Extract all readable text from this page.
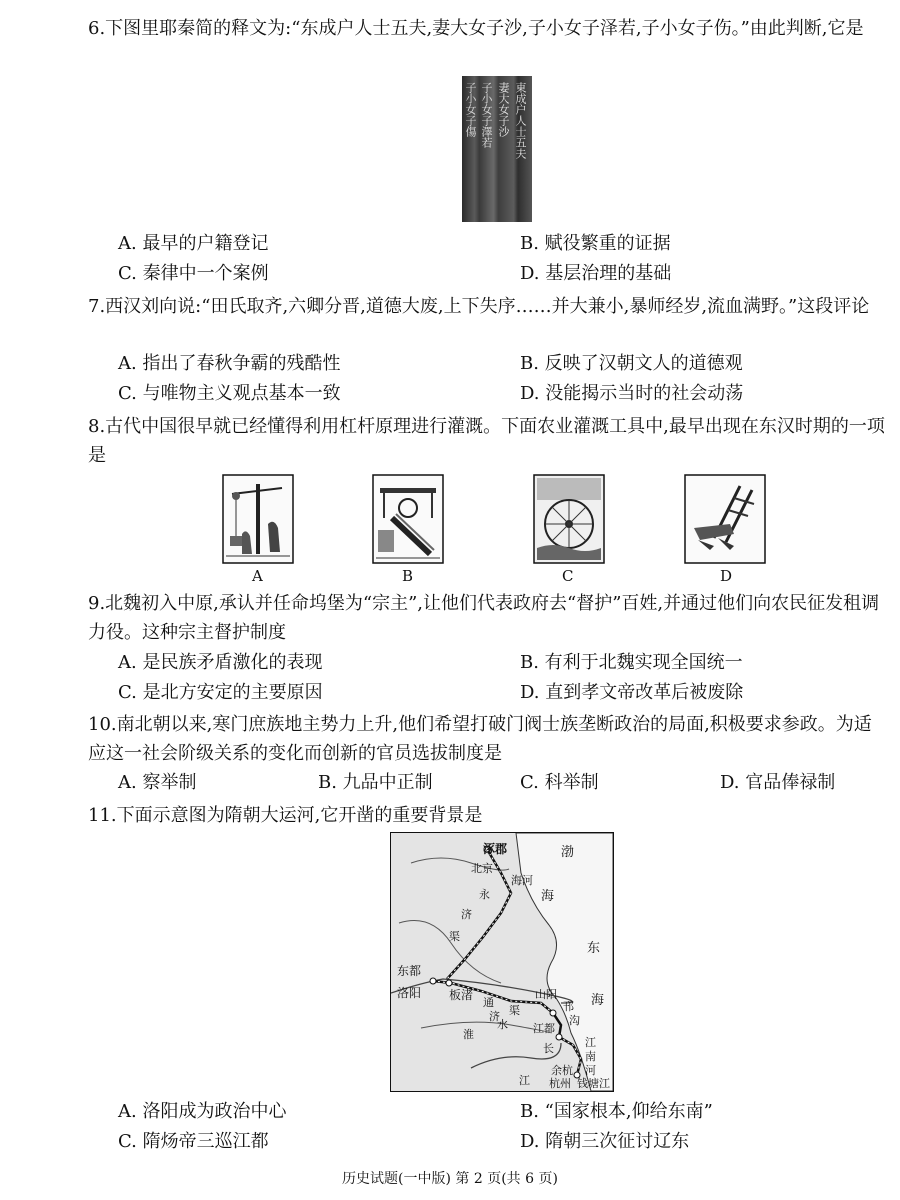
6.下图里耶秦简的释文为:“东成户人士五夫,妻大女子沙,子小女子泽若,子小女子伤。”由此判断,它是
子小女子傷 子小女子澤若 妻大女子沙 東成户人士五夫
A. 最早的户籍登记	B. 赋役繁重的证据
C. 秦律中一个案例	D. 基层治理的基础
7.西汉刘向说:“田氏取齐,六卿分晋,道德大废,上下失序……并大兼小,暴师经岁,流血满野。”这段评论
A. 指出了春秋争霸的残酷性	B. 反映了汉朝文人的道德观
C. 与唯物主义观点基本一致	D. 没能揭示当时的社会动荡
8.古代中国很早就已经懂得利用杠杆原理进行灌溉。下面农业灌溉工具中,最早出现在东汉时期的一项是
A	B	C	D
9.北魏初入中原,承认并任命坞堡为“宗主”,让他们代表政府去“督护”百姓,并通过他们向农民征发租调力役。这种宗主督护制度
A. 是民族矛盾激化的表现	B. 有利于北魏实现全国统一
C. 是北方安定的主要原因	D. 直到孝文帝改革后被废除
10.南北朝以来,寒门庶族地主势力上升,他们希望打破门阀士族垄断政治的局面,积极要求参政。为适应这一社会阶级关系的变化而创新的官员选拔制度是
A. 察举制	B. 九品中正制	C. 科举制	D. 官品俸禄制
11.下面示意图为隋朝大运河,它开凿的重要背景是
涿郡
北京
海河
渤
海
永
济
渠
东
东都
洛阳 板渚
通
济 渠
山阳
邗
沟
海
淮
水 江都
长
江
江
南
河
余杭
杭州 钱塘江
A. 洛阳成为政治中心	B. “国家根本,仰给东南”
C. 隋炀帝三巡江都	D. 隋朝三次征讨辽东
历史试题(一中版) 第 2 页(共 6 页)
